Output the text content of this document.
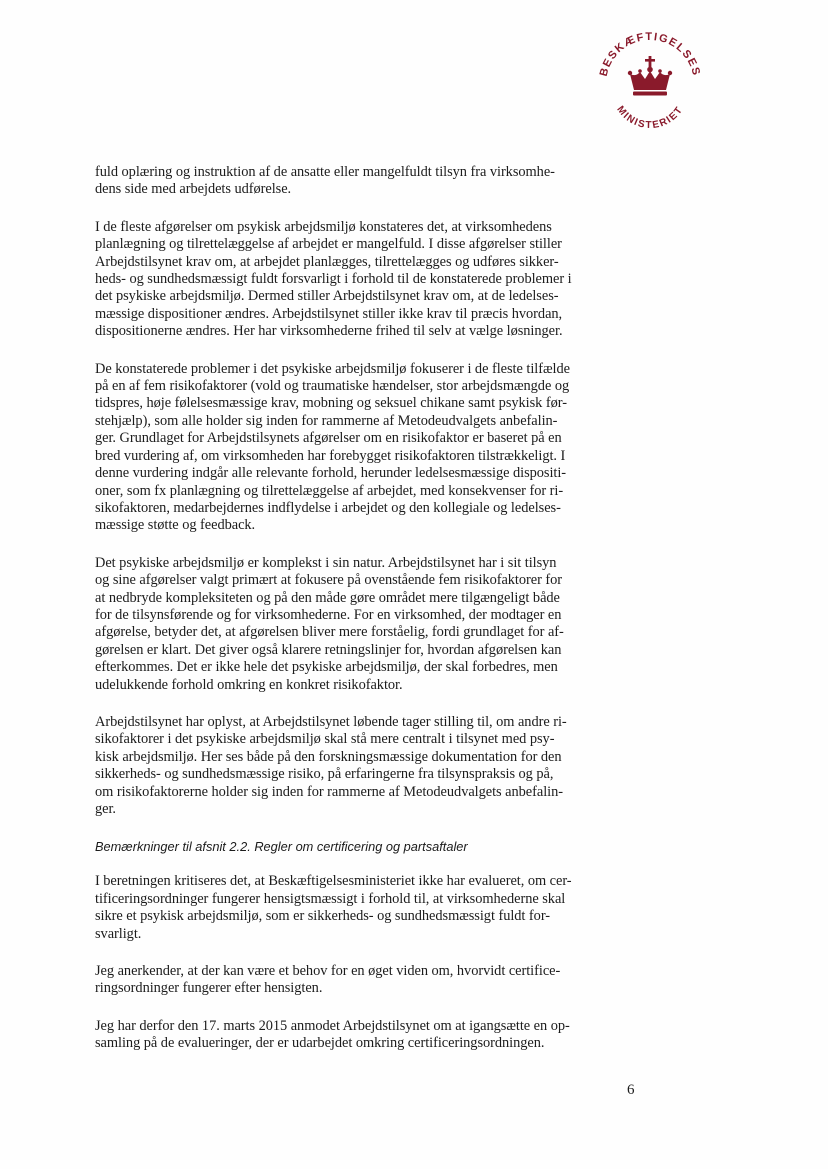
BESKÆFTIGELSES
MINISTERIET

fuld oplæring og instruktion af de ansatte eller mangelfuldt tilsyn fra virksomhe-
dens side med arbejdets udførelse.

I de fleste afgørelser om psykisk arbejdsmiljø konstateres det, at virksomhedens
planlægning og tilrettelæggelse af arbejdet er mangelfuld. I disse afgørelser stiller
Arbejdstilsynet krav om, at arbejdet planlægges, tilrettelægges og udføres sikker-
heds- og sundhedsmæssigt fuldt forsvarligt i forhold til de konstaterede problemer i
det psykiske arbejdsmiljø. Dermed stiller Arbejdstilsynet krav om, at de ledelses-
mæssige dispositioner ændres. Arbejdstilsynet stiller ikke krav til præcis hvordan,
dispositionerne ændres. Her har virksomhederne frihed til selv at vælge løsninger.

De konstaterede problemer i det psykiske arbejdsmiljø fokuserer i de fleste tilfælde
på en af fem risikofaktorer (vold og traumatiske hændelser, stor arbejdsmængde og
tidspres, høje følelsesmæssige krav, mobning og seksuel chikane samt psykisk før-
stehjælp), som alle holder sig inden for rammerne af Metodeudvalgets anbefalin-
ger. Grundlaget for Arbejdstilsynets afgørelser om en risikofaktor er baseret på en
bred vurdering af, om virksomheden har forebygget risikofaktoren tilstrækkeligt. I
denne vurdering indgår alle relevante forhold, herunder ledelsesmæssige dispositi-
oner, som fx planlægning og tilrettelæggelse af arbejdet, med konsekvenser for ri-
sikofaktoren, medarbejdernes indflydelse i arbejdet og den kollegiale og ledelses-
mæssige støtte og feedback.

Det psykiske arbejdsmiljø er komplekst i sin natur. Arbejdstilsynet har i sit tilsyn
og sine afgørelser valgt primært at fokusere på ovenstående fem risikofaktorer for
at nedbryde kompleksiteten og på den måde gøre området mere tilgængeligt både
for de tilsynsførende og for virksomhederne. For en virksomhed, der modtager en
afgørelse, betyder det, at afgørelsen bliver mere forståelig, fordi grundlaget for af-
gørelsen er klart. Det giver også klarere retningslinjer for, hvordan afgørelsen kan
efterkommes. Det er ikke hele det psykiske arbejdsmiljø, der skal forbedres, men
udelukkende forhold omkring en konkret risikofaktor.

Arbejdstilsynet har oplyst, at Arbejdstilsynet løbende tager stilling til, om andre ri-
sikofaktorer i det psykiske arbejdsmiljø skal stå mere centralt i tilsynet med psy-
kisk arbejdsmiljø. Her ses både på den forskningsmæssige dokumentation for den
sikkerheds- og sundhedsmæssige risiko, på erfaringerne fra tilsynspraksis og på,
om risikofaktorerne holder sig inden for rammerne af Metodeudvalgets anbefalin-
ger.

Bemærkninger til afsnit 2.2. Regler om certificering og partsaftaler

I beretningen kritiseres det, at Beskæftigelsesministeriet ikke har evalueret, om cer-
tificeringsordninger fungerer hensigtsmæssigt i forhold til, at virksomhederne skal
sikre et psykisk arbejdsmiljø, som er sikkerheds- og sundhedsmæssigt fuldt for-
svarligt.

Jeg anerkender, at der kan være et behov for en øget viden om, hvorvidt certifice-
ringsordninger fungerer efter hensigten.

Jeg har derfor den 17. marts 2015 anmodet Arbejdstilsynet om at igangsætte en op-
samling på de evalueringer, der er udarbejdet omkring certificeringsordningen.

6
